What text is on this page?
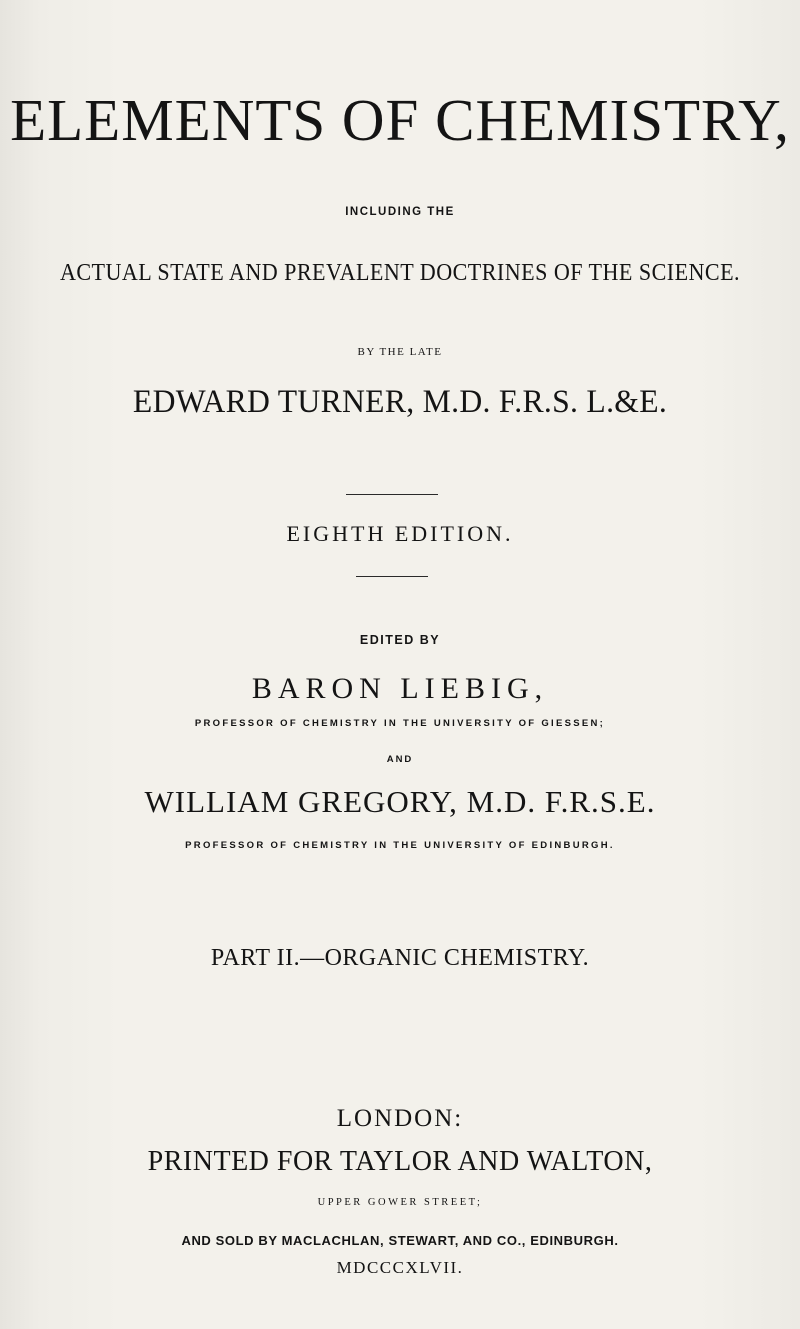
ELEMENTS OF CHEMISTRY,
INCLUDING THE
ACTUAL STATE AND PREVALENT DOCTRINES OF THE SCIENCE.
BY THE LATE
EDWARD TURNER, M.D. F.R.S. L.&E.
EIGHTH EDITION.
EDITED BY
BARON LIEBIG,
PROFESSOR OF CHEMISTRY IN THE UNIVERSITY OF GIESSEN;
AND
WILLIAM GREGORY, M.D. F.R.S.E.
PROFESSOR OF CHEMISTRY IN THE UNIVERSITY OF EDINBURGH.
PART II.—ORGANIC CHEMISTRY.
LONDON:
PRINTED FOR TAYLOR AND WALTON,
UPPER GOWER STREET;
AND SOLD BY MACLACHLAN, STEWART, AND CO., EDINBURGH.
MDCCCXLVII.
